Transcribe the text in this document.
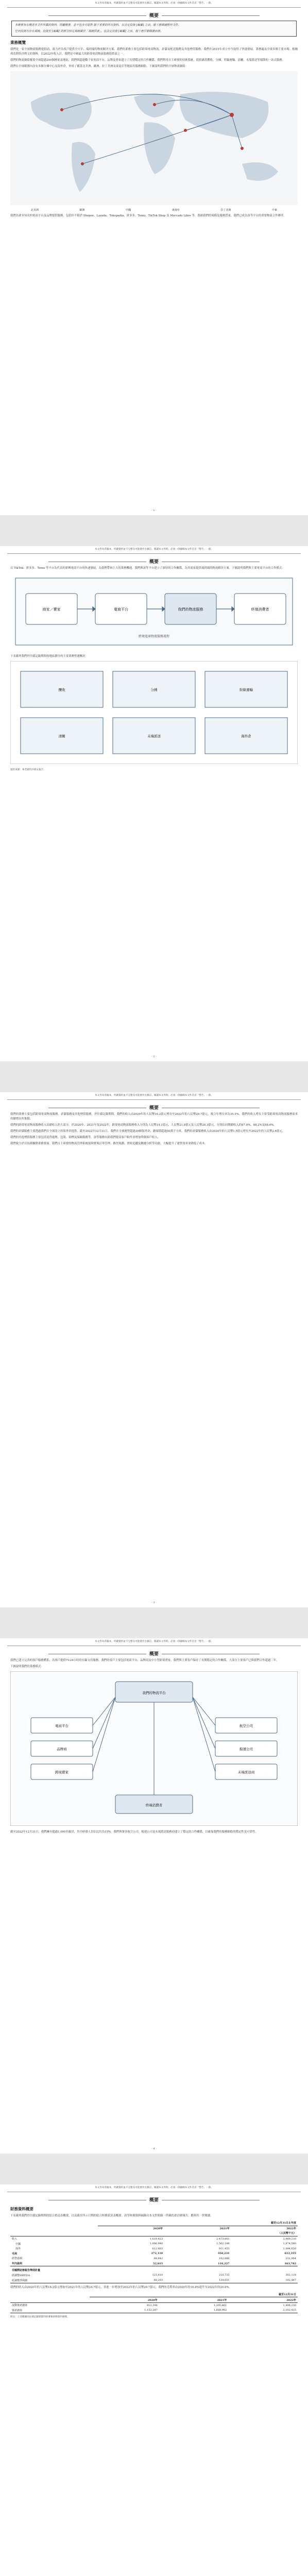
本文件為草擬本，所載資料並不完整及可能會作出修訂。閱讀本文件時，必須一併細閱本文件首頁「警告」一節。
概要
本概要旨在概述本文件所載的資料，因屬概要，並不包含可能對 閣下重要的所有資料。在決定投資 [編纂] 之前，閣下應閱讀整份文件。
任何投資均存在風險。投資於 [編纂] 的部分特定風險載於「風險因素」。在決定投資 [編纂] 之前，閣下應仔細閱讀該節。
業務概覽
我們是一家全球物流服務提供商，致力於為客戶提供全方位、端到端的物流解決方案。我們的業務主要包括跨境電商物流、倉儲及配送服務及其他增值服務。我們在2015年成立至今取得了快速發展，業務遍及全球多個主要市場。根據弗若斯特沙利文的資料，以2022年收入計，我們是中國最大的跨境電商物流服務提供商之一。
我們的物流網絡覆蓋全球超過200個國家及地區，我們與超過數千家電商平台、品牌及賣家建立了長期穩定的合作關係。我們利用自主研發的技術系統，提供涵蓋攬收、分揀、幹線運輸、清關、末端派送等環節的一站式服務。
我們在全球範圍內設有多個分揀中心及海外倉，形成了覆蓋北美洲、歐洲、拉丁美洲及東南亞等地區的服務網絡。下圖說明我們的全球物流網絡：
北美洲	歐洲	中國	東南亞	拉丁美洲	中東
我們為眾多知名的電商平台及品牌提供服務，包括但不限於 Shopee、Lazada、Tokopedia、拼多多、Temu、TikTok Shop 及 Mercado Libre 等。憑藉我們的規模及服務質量，我們已成為該等平台的重要物流合作夥伴。
- 1 -
本文件為草擬本，所載資料並不完整及可能會作出修訂。閱讀本文件時，必須一併細閱本文件首頁「警告」一節。
概要
以 TikTok、拼多多、Temu 等平台為代表的新興電商平台的快速發展，為我們帶來巨大的業務機遇。我們與該等平台建立了深厚的合作關係，為其商家提供端到端的物流解決方案。下圖說明我們與主要電商平台的合作模式：
商家／賣家	電商平台	我們的物流服務	終端消費者
跨境電商物流服務流程
下表載列我們於往績記錄期間按地區劃分的主要業務營運概況：
攬收	分揀	幹線運輸
清關	末端派送	海外倉
資料來源：弗若斯特沙利文報告
- 2 -
本文件為草擬本，所載資料並不完整及可能會作出修訂。閱讀本文件時，必須一併細閱本文件首頁「警告」一節。
概要
我們的業務主要包括跨境電商物流服務、倉儲服務及其他增值服務。於往績記錄期間，我們的收入由2020年的人民幣16.2億元增長至2022年的人民幣29.7億元，複合年增長率為35.5%。我們的收入增長主要受跨境電商物流服務需求持續增長所推動。
我們的跨境電商物流服務收入佔總收入的大部分。於2020年、2021年及2022年，跨境電商物流服務收入分別為人民幣14.1億元、人民幣21.8億元及人民幣26.3億元，分別佔同期總收入的87.0%、88.2%及88.6%。
我們的倉儲服務主要透過我們在全球設立的海外倉提供。截至2022年12月31日，我們在全球運營超過30個海外倉，總面積超過50萬平方米。我們的倉儲服務收入由2020年的人民幣1.5億元增長至2022年的人民幣2.6億元。
我們的其他增值服務主要包括退貨處理、包裝、貼標及保險服務等。該等服務有助我們提高客戶粘性並增加單個客戶收入。
我們致力於以技術驅動業務發展。我們自主研發的物流管理系統能夠實現訂單管理、路徑規劃、實時追蹤及數據分析等功能，大幅提升了運營效率並降低了成本。
- 3 -
本文件為草擬本，所載資料並不完整及可能會作出修訂。閱讀本文件時，必須一併細閱本文件首頁「警告」一節。
概要
我們已建立完善的客戶服務體系，為客戶提供7×24小時的在線支持服務。我們的客戶主要包括電商平台、品牌商及中小型跨境賣家。我們與主要客戶保持了長期穩定的合作關係，大部分主要客戶已與我們合作超過三年。
下圖說明我們的業務模式：
我們的物流平台
電商平台
品牌商
跨境賣家
航空公司
船運公司
末端派送商
終端消費者
截至2022年12月31日，我們擁有超過1,000名僱員，其中研發人員佔比約為15%。我們與眾多航空公司、船運公司及末端派送服務商建立了穩定的合作關係，以確保我們的服務網絡的穩定性及可靠性。
- 4 -
本文件為草擬本，所載資料並不完整及可能會作出修訂。閱讀本文件時，必須一併細閱本文件首頁「警告」一節。
概要
財務資料概要
下表載列我們於往績記錄期間的綜合損益表概要，以及截至所示日期的綜合財務狀況表概要。該等財務資料摘錄自本文件附錄一所載的會計師報告，應與其一併閱讀。
	截至12月31日止年度		
	2020年	2021年	2022年
	（人民幣千元）		
收入	1,619,423	2,473,801	2,969,210
中國	1,006,940	1,562,348	1,874,560
海外	612,483	911,453	1,094,650
毛利	272,110	450,231	612,355
經營溢利	88,642	162,880	231,904
年內溢利	52,615	110,227	163,782
非國際財務報告準則計量			
經調整EBITDA	125,410	218,735	302,118
經調整淨利潤	68,203	134,651	192,447
我們的收入由2020年的人民幣16.2億元增加至2021年的人民幣24.7億元，並進一步增加至2022年的人民幣29.7億元。我們的毛利率由2020年的16.8%提升至2022年的20.6%。
	截至12月31日		
	2020年	2021年	2022年
流動資產總值	812,344	1,205,661	1,498,230
資產總值	1,153,287	1,688,902	2,102,415
附註：上述數據為往績記錄期間的經審核財務資料摘要。
